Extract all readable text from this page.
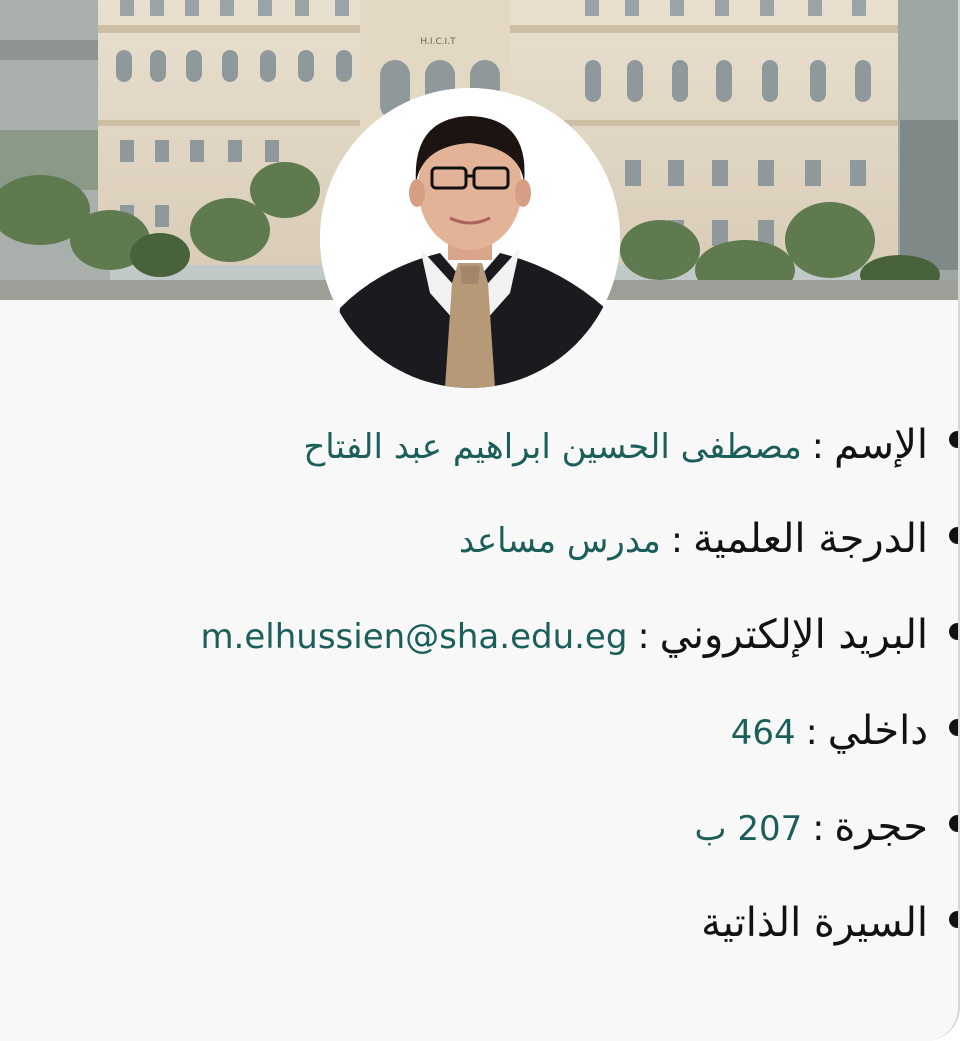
H.I.C.I.T
الإسم:مصطفى الحسين ابراهيم عبد الفتاح
الدرجة العلمية:مدرس مساعد
البريد الإلكتروني:m.elhussien@sha.edu.eg
داخلي:464
حجرة:207 ب
السيرة الذاتية
